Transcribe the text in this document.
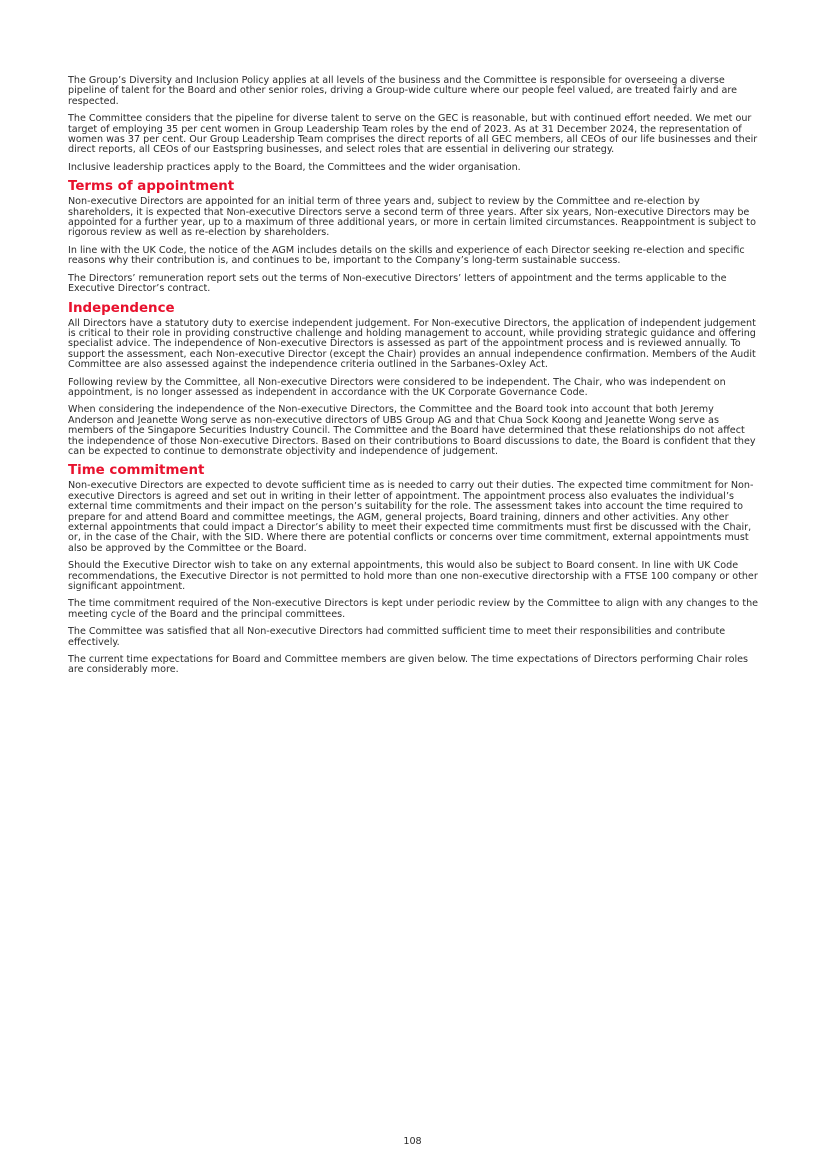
The Group’s Diversity and Inclusion Policy applies at all levels of the business and the Committee is responsible for overseeing a diverse pipeline of talent for the Board and other senior roles, driving a Group-wide culture where our people feel valued, are treated fairly and are respected.

The Committee considers that the pipeline for diverse talent to serve on the GEC is reasonable, but with continued effort needed. We met our target of employing 35 per cent women in Group Leadership Team roles by the end of 2023. As at 31 December 2024, the representation of women was 37 per cent. Our Group Leadership Team comprises the direct reports of all GEC members, all CEOs of our life businesses and their direct reports, all CEOs of our Eastspring businesses, and select roles that are essential in delivering our strategy.

Inclusive leadership practices apply to the Board, the Committees and the wider organisation.

Terms of appointment

Non-executive Directors are appointed for an initial term of three years and, subject to review by the Committee and re-election by shareholders, it is expected that Non-executive Directors serve a second term of three years. After six years, Non-executive Directors may be appointed for a further year, up to a maximum of three additional years, or more in certain limited circumstances. Reappointment is subject to rigorous review as well as re-election by shareholders.

In line with the UK Code, the notice of the AGM includes details on the skills and experience of each Director seeking re-election and specific reasons why their contribution is, and continues to be, important to the Company’s long-term sustainable success.

The Directors’ remuneration report sets out the terms of Non-executive Directors’ letters of appointment and the terms applicable to the Executive Director’s contract.

Independence

All Directors have a statutory duty to exercise independent judgement. For Non-executive Directors, the application of independent judgement is critical to their role in providing constructive challenge and holding management to account, while providing strategic guidance and offering specialist advice. The independence of Non-executive Directors is assessed as part of the appointment process and is reviewed annually. To support the assessment, each Non-executive Director (except the Chair) provides an annual independence confirmation. Members of the Audit Committee are also assessed against the independence criteria outlined in the Sarbanes-Oxley Act.

Following review by the Committee, all Non-executive Directors were considered to be independent. The Chair, who was independent on appointment, is no longer assessed as independent in accordance with the UK Corporate Governance Code.

When considering the independence of the Non-executive Directors, the Committee and the Board took into account that both Jeremy Anderson and Jeanette Wong serve as non-executive directors of UBS Group AG and that Chua Sock Koong and Jeanette Wong serve as members of the Singapore Securities Industry Council. The Committee and the Board have determined that these relationships do not affect the independence of those Non-executive Directors. Based on their contributions to Board discussions to date, the Board is confident that they can be expected to continue to demonstrate objectivity and independence of judgement.

Time commitment

Non-executive Directors are expected to devote sufficient time as is needed to carry out their duties. The expected time commitment for Non-executive Directors is agreed and set out in writing in their letter of appointment. The appointment process also evaluates the individual’s external time commitments and their impact on the person’s suitability for the role. The assessment takes into account the time required to prepare for and attend Board and committee meetings, the AGM, general projects, Board training, dinners and other activities. Any other external appointments that could impact a Director’s ability to meet their expected time commitments must first be discussed with the Chair, or, in the case of the Chair, with the SID. Where there are potential conflicts or concerns over time commitment, external appointments must also be approved by the Committee or the Board.

Should the Executive Director wish to take on any external appointments, this would also be subject to Board consent. In line with UK Code recommendations, the Executive Director is not permitted to hold more than one non-executive directorship with a FTSE 100 company or other significant appointment.

The time commitment required of the Non-executive Directors is kept under periodic review by the Committee to align with any changes to the meeting cycle of the Board and the principal committees.

The Committee was satisfied that all Non-executive Directors had committed sufficient time to meet their responsibilities and contribute effectively.

The current time expectations for Board and Committee members are given below. The time expectations of Directors performing Chair roles are considerably more.

108
